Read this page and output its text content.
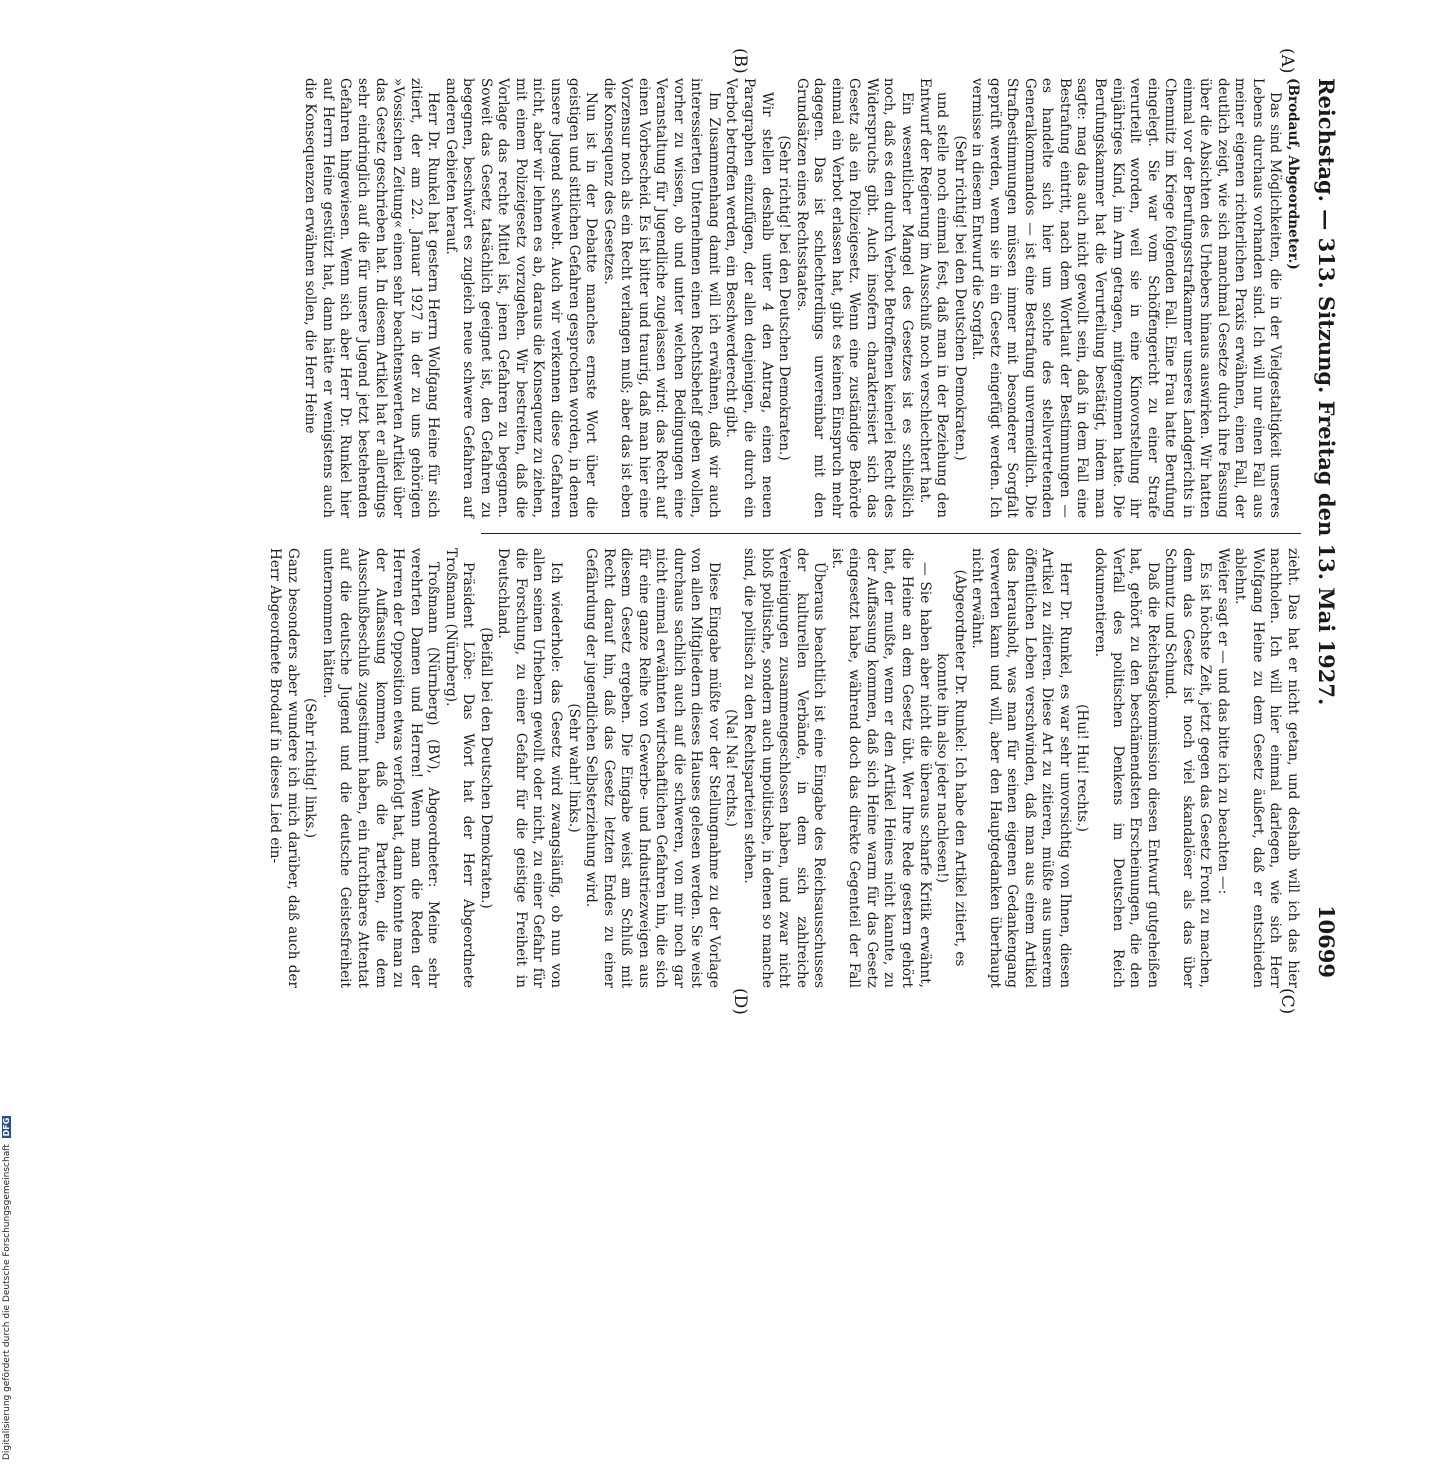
Reichstag. — 313. Sitzung. Freitag den 13. Mai 1927.
10699
(A)
(B)
(C)
(D)

(Brodauf, Abgeordneter.)

Das sind Möglichkeiten, die in der Vielgestaltigkeit unseres Lebens durchaus vorhanden sind. Ich will nur einen Fall aus meiner eigenen richterlichen Praxis erwähnen, einen Fall, der deutlich zeigt, wie sich manchmal Gesetze durch ihre Fassung über die Absichten des Urhebers hinaus auswirken. Wir hatten einmal vor der Berufungsstrafkammer unseres Landgerichts in Chemnitz im Kriege folgenden Fall. Eine Frau hatte Berufung eingelegt. Sie war vom Schöffengericht zu einer Strafe verurteilt worden, weil sie in eine Kinovorstellung ihr einjähriges Kind, im Arm getragen, mitgenommen hatte. Die Berufungskammer hat die Verurteilung bestätigt, indem man sagte: mag das auch nicht gewollt sein, daß in dem Fall eine Bestrafung eintritt, nach dem Wortlaut der Bestimmungen — es handelte sich hier um solche des stellvertretenden Generalkommandos — ist eine Bestrafung unvermeidlich. Die Strafbestimmungen müssen immer mit besonderer Sorgfalt geprüft werden, wenn sie in ein Gesetz eingefügt werden. Ich vermisse in diesem Entwurf die Sorgfalt.

(Sehr richtig! bei den Deutschen Demokraten.)

und stelle noch einmal fest, daß man in der Beziehung den Entwurf der Regierung im Ausschuß noch verschlechtert hat.

Ein wesentlicher Mangel des Gesetzes ist es schließlich noch, daß es den durch Verbot Betroffenen keinerlei Recht des Widerspruchs gibt. Auch insofern charakterisiert sich das Gesetz als ein Polizeigesetz. Wenn eine zuständige Behörde einmal ein Verbot erlassen hat, gibt es keinen Einspruch mehr dagegen. Das ist schlechterdings unvereinbar mit den Grundsätzen eines Rechtsstaates.

(Sehr richtig! bei den Deutschen Demokraten.)

Wir stellen deshalb unter 4 den Antrag, einen neuen Paragraphen einzufügen, der allen denjenigen, die durch ein Verbot betroffen werden, ein Beschwerderecht gibt.

Im Zusammenhang damit will ich erwähnen, daß wir auch interessierten Unternehmen einen Rechtsbehelf geben wollen, vorher zu wissen, ob und unter welchen Bedingungen eine Veranstaltung für Jugendliche zugelassen wird: das Recht auf einen Vorbescheid. Es ist bitter und traurig, daß man hier eine Vorzensur noch als ein Recht verlangen muß; aber das ist eben die Konsequenz des Gesetzes.

Nun ist in der Debatte manches ernste Wort über die geistigen und sittlichen Gefahren gesprochen worden, in denen unsere Jugend schwebt. Auch wir verkennen diese Gefahren nicht, aber wir lehnen es ab, daraus die Konsequenz zu ziehen, mit einem Polizeigesetz vorzugehen. Wir bestreiten, daß die Vorlage das rechte Mittel ist, jenen Gefahren zu begegnen. Soweit das Gesetz tatsächlich geeignet ist, den Gefahren zu begegnen, beschwört es zugleich neue schwere Gefahren auf anderen Gebieten herauf.

Herr Dr. Runkel hat gestern Herrn Wolfgang Heine für sich zitiert, der am 22. Januar 1927 in der zu uns gehörigen »Vossischen Zeitung« einen sehr beachtenswerten Artikel über das Gesetz geschrieben hat. In diesem Artikel hat er allerdings sehr eindringlich auf die für unsere Jugend jetzt bestehenden Gefahren hingewiesen. Wenn sich aber Herr Dr. Runkel hier auf Herrn Heine gestützt hat, dann hätte er wenigstens auch die Konsequenzen erwähnen sollen, die Herr Heine

zieht. Das hat er nicht getan, und deshalb will ich das hier nachholen. Ich will hier einmal darlegen, wie sich Herr Wolfgang Heine zu dem Gesetz äußert, daß er entschieden ablehnt.

Weiter sagt er — und das bitte ich zu beachten —:

Es ist höchste Zeit, jetzt gegen das Gesetz Front zu machen, denn das Gesetz ist noch viel skandalöser als das über Schmutz und Schund.

Daß die Reichstagskommission diesen Entwurf gutgeheißen hat, gehört zu den beschämendsten Erscheinungen, die den Verfall des politischen Denkens im Deutschen Reich dokumentieren.

(Hui! Hui! rechts.)

Herr Dr. Runkel, es war sehr unvorsichtig von Ihnen, diesen Artikel zu zitieren. Diese Art zu zitieren, müßte aus unserem öffentlichen Leben verschwinden, daß man aus einem Artikel das herausholt, was man für seinen eigenen Gedankengang verwerten kann und will, aber den Hauptgedanken überhaupt nicht erwähnt.

(Abgeordneter Dr. Runkel: Ich habe den Artikel zitiert, es konnte ihn also jeder nachlesen!)

— Sie haben aber nicht die überaus scharfe Kritik erwähnt, die Heine an dem Gesetz übt. Wer Ihre Rede gestern gehört hat, der mußte, wenn er den Artikel Heines nicht kannte, zu der Auffassung kommen, daß sich Heine warm für das Gesetz eingesetzt habe, während doch das direkte Gegenteil der Fall ist.

Überaus beachtlich ist eine Eingabe des Reichsausschusses der kulturellen Verbände, in dem sich zahlreiche Vereinigungen zusammengeschlossen haben, und zwar nicht bloß politische, sondern auch unpolitische, in denen so manche sind, die politisch zu den Rechtsparteien stehen.

(Na! Na! rechts.)

Diese Eingabe müßte vor der Stellungnahme zu der Vorlage von allen Mitgliedern dieses Hauses gelesen werden. Sie weist durchaus sachlich auch auf die schweren, von mir noch gar nicht einmal erwähnten wirtschaftlichen Gefahren hin, die sich für eine ganze Reihe von Gewerbe- und Industriezweigen aus diesem Gesetz ergeben. Die Eingabe weist am Schluß mit Recht darauf hin, daß das Gesetz letzten Endes zu einer Gefährdung der jugendlichen Selbsterziehung wird.

(Sehr wahr! links.)

Ich wiederhole: das Gesetz wird zwangsläufig, ob nun von allen seinen Urhebern gewollt oder nicht, zu einer Gefahr für die Forschung, zu einer Gefahr für die geistige Freiheit in Deutschland.

(Beifall bei den Deutschen Demokraten.)

Präsident Löbe: Das Wort hat der Herr Abgeordnete Troßmann (Nürnberg).

Troßmann (Nürnberg) (BV), Abgeordneter: Meine sehr verehrten Damen und Herren! Wenn man die Reden der Herren der Opposition etwas verfolgt hat, dann konnte man zu der Auffassung kommen, daß die Parteien, die dem Ausschußbeschluß zugestimmt haben, ein furchtbares Attentat auf die deutsche Jugend und die deutsche Geistesfreiheit unternommen hätten.

(Sehr richtig! links.)

Ganz besonders aber wundere ich mich darüber, daß auch der Herr Abgeordnete Brodauf in dieses Lied ein-

Digitalisierung gefördert durch die Deutsche Forschungsgemeinschaft DFG
